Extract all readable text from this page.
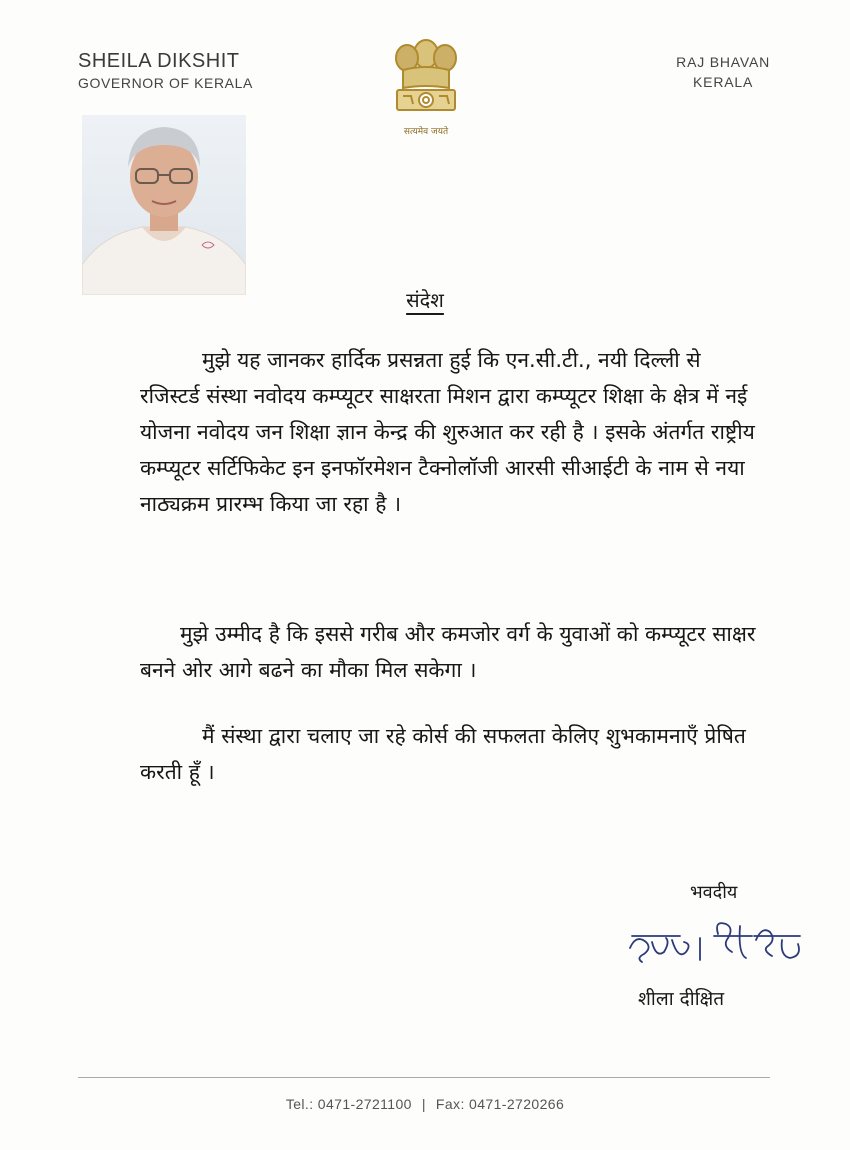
SHEILA DIKSHIT
GOVERNOR OF KERALA
सत्यमेव जयते
RAJ BHAVAN
KERALA
संदेश
मुझे यह जानकर हार्दिक प्रसन्नता हुई कि एन.सी.टी., नयी दिल्ली से रजिस्टर्ड संस्था नवोदय कम्प्यूटर साक्षरता मिशन द्वारा कम्प्यूटर शिक्षा के क्षेत्र में नई योजना नवोदय जन शिक्षा ज्ञान केन्द्र की शुरुआत कर रही है । इसके अंतर्गत राष्ट्रीय कम्प्यूटर सर्टिफिकेट इन इनफॉरमेशन टैक्नोलॉजी आरसी सीआईटी के नाम से नया नाठ्यक्रम प्रारम्भ किया जा रहा है ।
मुझे उम्मीद है कि इससे गरीब और कमजोर वर्ग के युवाओं को कम्प्यूटर साक्षर बनने ओर आगे बढने का मौका मिल सकेगा ।
मैं संस्था द्वारा चलाए जा रहे कोर्स की सफलता केलिए शुभकामनाएँ प्रेषित करती हूँ ।
भवदीय
शीला दीक्षित
Tel.: 0471-2721100 | Fax: 0471-2720266
